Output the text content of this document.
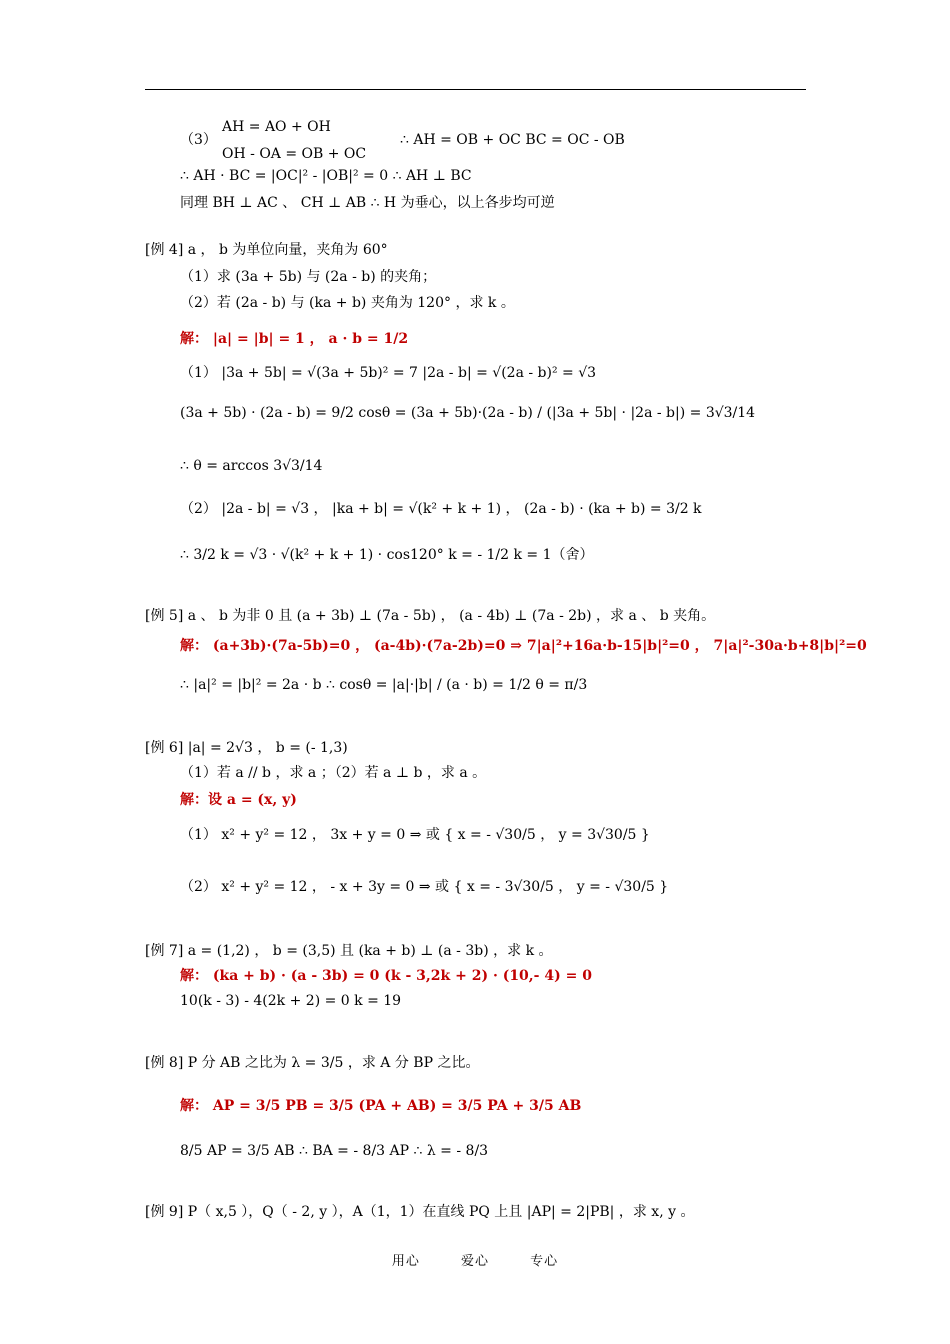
AH = AO + OH
（3）
OH - OA = OB + OC
∴ AH = OB + OC BC = OC - OB
∴ AH · BC = |OC|² - |OB|² = 0 ∴ AH ⊥ BC
同理 BH ⊥ AC 、 CH ⊥ AB ∴ H 为垂心，以上各步均可逆
[例 4] a ， b 为单位向量，夹角为 60°
（1）求 (3a + 5b) 与 (2a - b) 的夹角；
（2）若 (2a - b) 与 (ka + b) 夹角为 120° ，求 k 。
解： |a| = |b| = 1 ， a · b = 1/2
（1） |3a + 5b| = √(3a + 5b)² = 7 |2a - b| = √(2a - b)² = √3
(3a + 5b) · (2a - b) = 9/2 cosθ = (3a + 5b)·(2a - b) / (|3a + 5b| · |2a - b|) = 3√3/14
∴ θ = arccos 3√3/14
（2） |2a - b| = √3 ， |ka + b| = √(k² + k + 1) ， (2a - b) · (ka + b) = 3/2 k
∴ 3/2 k = √3 · √(k² + k + 1) · cos120° k = - 1/2 k = 1（舍）
[例 5] a 、 b 为非 0 且 (a + 3b) ⊥ (7a - 5b) ， (a - 4b) ⊥ (7a - 2b) ，求 a 、 b 夹角。
解： (a+3b)·(7a-5b)=0 ， (a-4b)·(7a-2b)=0 ⇒ 7|a|²+16a·b-15|b|²=0 ， 7|a|²-30a·b+8|b|²=0
∴ |a|² = |b|² = 2a · b ∴ cosθ = |a|·|b| / (a · b) = 1/2 θ = π/3
[例 6] |a| = 2√3 ， b = (- 1,3)
（1）若 a // b ，求 a ；（2）若 a ⊥ b ，求 a 。
解：设 a = (x, y)
（1） x² + y² = 12 ， 3x + y = 0 ⇒ 或 { x = - √30/5 ， y = 3√30/5 }
（2） x² + y² = 12 ， - x + 3y = 0 ⇒ 或 { x = - 3√30/5 ， y = - √30/5 }
[例 7] a = (1,2) ， b = (3,5) 且 (ka + b) ⊥ (a - 3b) ，求 k 。
解： (ka + b) · (a - 3b) = 0 (k - 3,2k + 2) · (10,- 4) = 0
10(k - 3) - 4(2k + 2) = 0 k = 19
[例 8] P 分 AB 之比为 λ = 3/5 ，求 A 分 BP 之比。
解： AP = 3/5 PB = 3/5 (PA + AB) = 3/5 PA + 3/5 AB
8/5 AP = 3/5 AB ∴ BA = - 8/3 AP ∴ λ = - 8/3
[例 9] P（ x,5 ），Q（ - 2, y ），A（1，1）在直线 PQ 上且 |AP| = 2|PB| ，求 x, y 。
用心	爱心	专心
